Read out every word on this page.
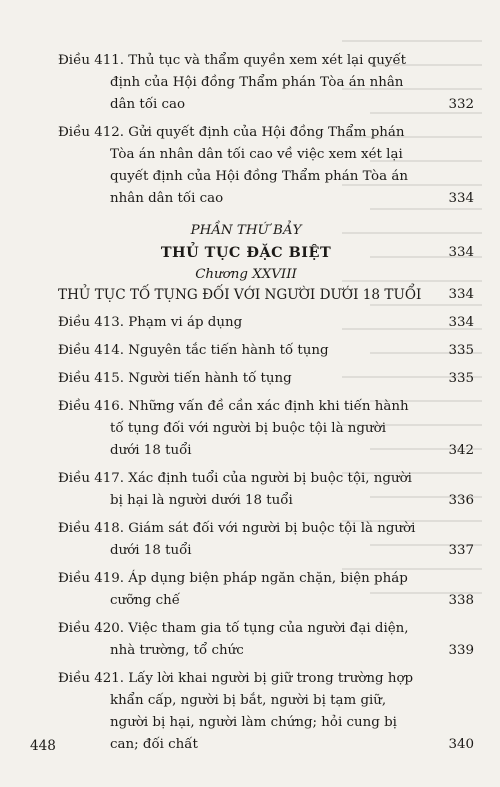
Điều 411. Thủ tục và thẩm quyền xem xét lại quyết định của Hội đồng Thẩm phán Tòa án nhân dân tối cao	332
Điều 412. Gửi quyết định của Hội đồng Thẩm phán Tòa án nhân dân tối cao về việc xem xét lại quyết định của Hội đồng Thẩm phán Tòa án nhân dân tối cao	334
PHẦN THỨ BẢY
THỦ TỤC ĐẶC BIỆT	334
Chương XXVIII
THỦ TỤC TỐ TỤNG ĐỐI VỚI NGƯỜI DƯỚI 18 TUỔI	334
Điều 413. Phạm vi áp dụng	334
Điều 414. Nguyên tắc tiến hành tố tụng	335
Điều 415. Người tiến hành tố tụng	335
Điều 416. Những vấn đề cần xác định khi tiến hành tố tụng đối với người bị buộc tội là người dưới 18 tuổi	342
Điều 417. Xác định tuổi của người bị buộc tội, người bị hại là người dưới 18 tuổi	336
Điều 418. Giám sát đối với người bị buộc tội là người dưới 18 tuổi	337
Điều 419. Áp dụng biện pháp ngăn chặn, biện pháp cưỡng chế	338
Điều 420. Việc tham gia tố tụng của người đại diện, nhà trường, tổ chức	339
Điều 421. Lấy lời khai người bị giữ trong trường hợp khẩn cấp, người bị bắt, người bị tạm giữ, người bị hại, người làm chứng; hỏi cung bị can; đối chất	340
448
